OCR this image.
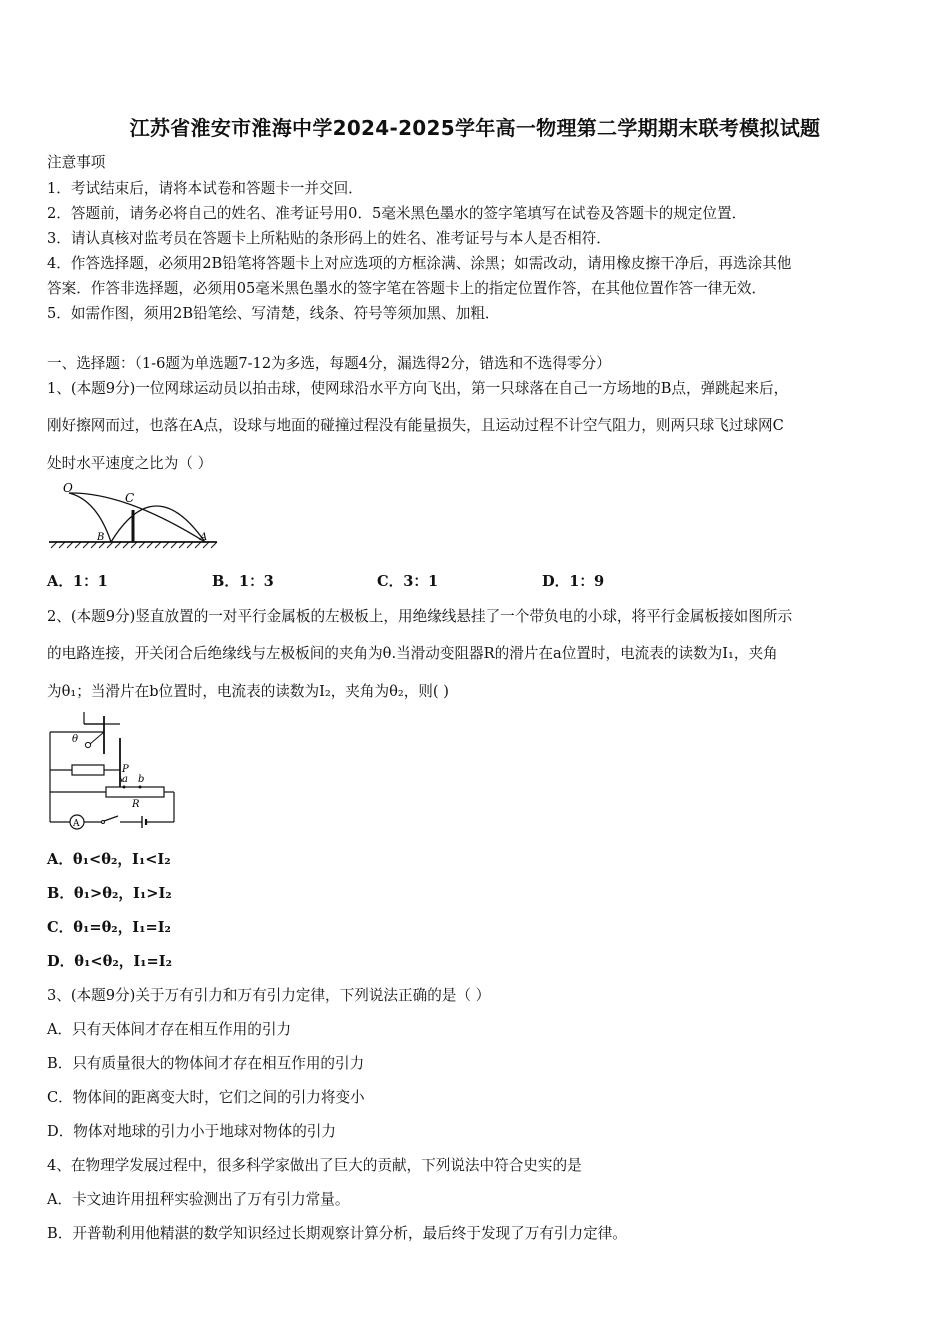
江苏省淮安市淮海中学2024-2025学年高一物理第二学期期末联考模拟试题
注意事项
1．考试结束后，请将本试卷和答题卡一并交回．
2．答题前，请务必将自己的姓名、准考证号用0．5毫米黑色墨水的签字笔填写在试卷及答题卡的规定位置．
3．请认真核对监考员在答题卡上所粘贴的条形码上的姓名、准考证号与本人是否相符．
4．作答选择题，必须用2B铅笔将答题卡上对应选项的方框涂满、涂黑；如需改动，请用橡皮擦干净后，再选涂其他
答案．作答非选择题，必须用05毫米黑色墨水的签字笔在答题卡上的指定位置作答，在其他位置作答一律无效．
5．如需作图，须用2B铅笔绘、写清楚，线条、符号等须加黑、加粗．
一、选择题：（1-6题为单选题7-12为多选，每题4分，漏选得2分，错选和不选得零分）
1、(本题9分)一位网球运动员以拍击球，使网球沿水平方向飞出，第一只球落在自己一方场地的B点，弹跳起来后，
刚好擦网而过，也落在A点，设球与地面的碰撞过程没有能量损失，且运动过程不计空气阻力，则两只球飞过球网C
处时水平速度之比为（ ）
O
C
B	A
A．1：1	B．1：3	C．3：1	D．1：9
2、(本题9分)竖直放置的一对平行金属板的左极板上，用绝缘线悬挂了一个带负电的小球，将平行金属板接如图所示
的电路连接，开关闭合后绝缘线与左极板间的夹角为θ.当滑动变阻器R的滑片在a位置时，电流表的读数为I₁，夹角
为θ₁；当滑片在b位置时，电流表的读数为I₂，夹角为θ₂，则( )
θ
P
a b
R
A
A．θ₁<θ₂，I₁<I₂
B．θ₁>θ₂，I₁>I₂
C．θ₁=θ₂，I₁=I₂
D．θ₁<θ₂，I₁=I₂
3、(本题9分)关于万有引力和万有引力定律，下列说法正确的是（ ）
A．只有天体间才存在相互作用的引力
B．只有质量很大的物体间才存在相互作用的引力
C．物体间的距离变大时，它们之间的引力将变小
D．物体对地球的引力小于地球对物体的引力
4、在物理学发展过程中，很多科学家做出了巨大的贡献，下列说法中符合史实的是
A．卡文迪许用扭秤实验测出了万有引力常量。
B．开普勒利用他精湛的数学知识经过长期观察计算分析，最后终于发现了万有引力定律。
